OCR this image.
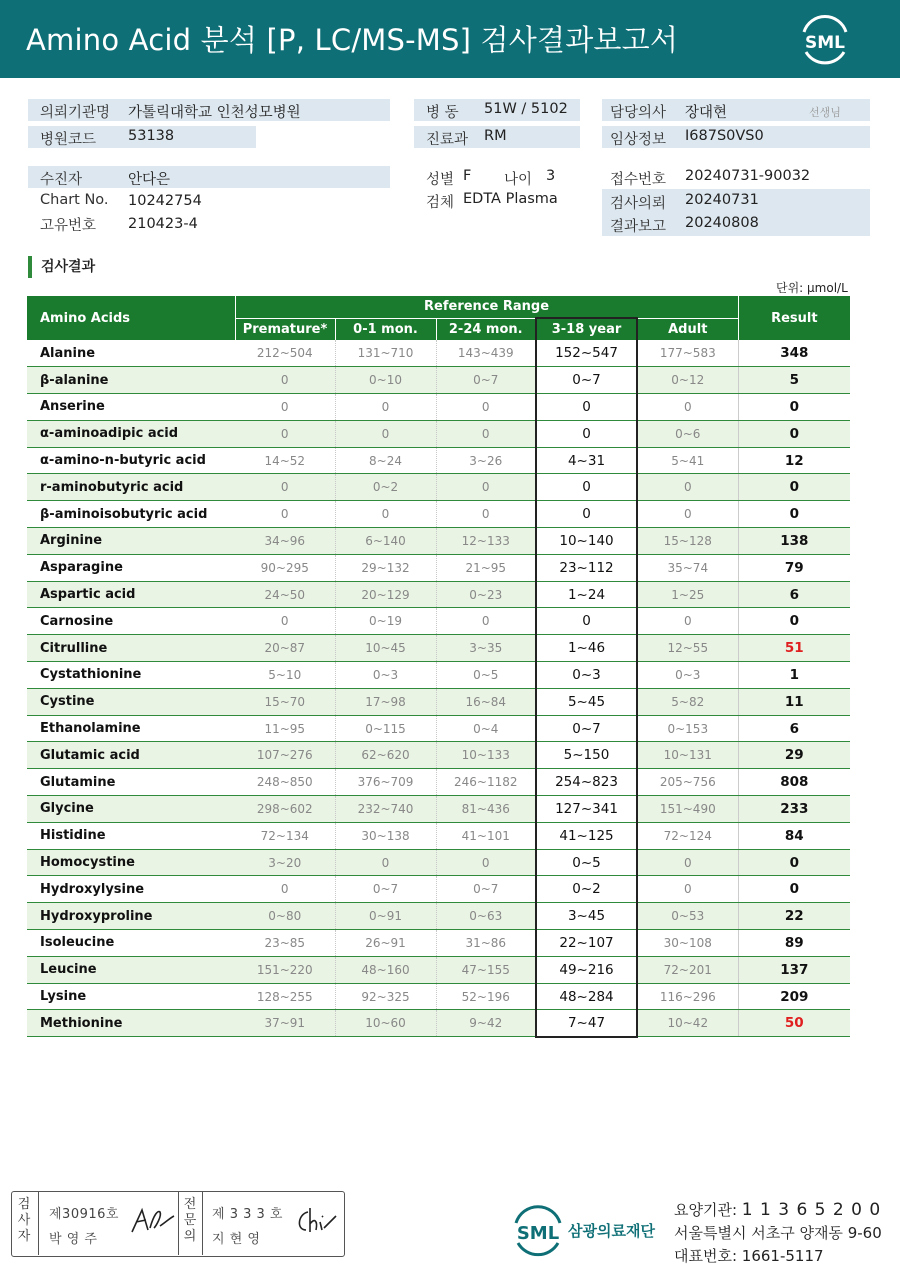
Amino Acid 분석 [P, LC/MS-MS] 검사결과보고서	SML
의뢰기관명 가톨릭대학교 인천성모병원
병원코드 53138
병 동 51W / 5102
진료과 RM
담당의사 장대현	선생님
임상정보 I687S0VS0
수진자	안다은
Chart No. 10242754
고유번호 210423-4
성별 F 나이 3
검체 EDTA Plasma
접수번호 20240731-90032
검사의뢰 20240731
결과보고 20240808
검사결과
단위: μmol/L
Amino Acids	Reference Range					Result
	Premature*	0-1 mon.	2-24 mon.	3-18 year	Adult	
Alanine	212~504	131~710	143~439	152~547	177~583	348
β-alanine	0	0~10	0~7	0~7	0~12	5
Anserine	0	0	0	0	0	0
α-aminoadipic acid	0	0	0	0	0~6	0
α-amino-n-butyric acid	14~52	8~24	3~26	4~31	5~41	12
r-aminobutyric acid	0	0~2	0	0	0	0
β-aminoisobutyric acid	0	0	0	0	0	0
Arginine	34~96	6~140	12~133	10~140	15~128	138
Asparagine	90~295	29~132	21~95	23~112	35~74	79
Aspartic acid	24~50	20~129	0~23	1~24	1~25	6
Carnosine	0	0~19	0	0	0	0
Citrulline	20~87	10~45	3~35	1~46	12~55	51
Cystathionine	5~10	0~3	0~5	0~3	0~3	1
Cystine	15~70	17~98	16~84	5~45	5~82	11
Ethanolamine	11~95	0~115	0~4	0~7	0~153	6
Glutamic acid	107~276	62~620	10~133	5~150	10~131	29
Glutamine	248~850	376~709	246~1182	254~823	205~756	808
Glycine	298~602	232~740	81~436	127~341	151~490	233
Histidine	72~134	30~138	41~101	41~125	72~124	84
Homocystine	3~20	0	0	0~5	0	0
Hydroxylysine	0	0~7	0~7	0~2	0	0
Hydroxyproline	0~80	0~91	0~63	3~45	0~53	22
Isoleucine	23~85	26~91	31~86	22~107	30~108	89
Leucine	151~220	48~160	47~155	49~216	72~201	137
Lysine	128~255	92~325	52~196	48~284	116~296	209
Methionine	37~91	10~60	9~42	7~47	10~42	50
검
사
자
제30916호
박 영 주
전
문
의
제 3 3 3 호
지 현 영	SML 삼광의료재단
요양기관: 1 1 3 6 5 2 0 0
서울특별시 서초구 양재동 9-60
대표번호: 1661-5117
